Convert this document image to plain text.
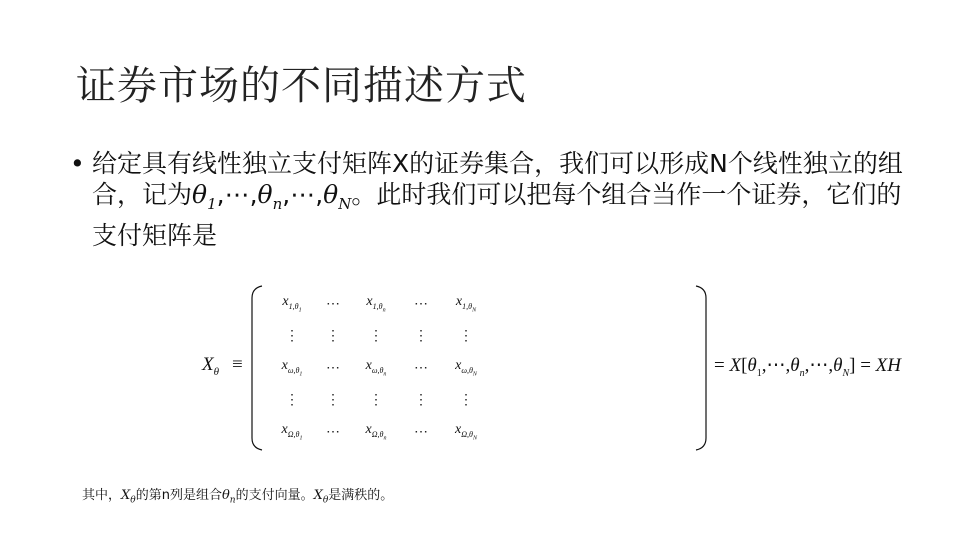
证券市场的不同描述方式
• 给定具有线性独立支付矩阵X的证券集合，我们可以形成N个线性独立的组合，记为$\theta_1,\cdots,\theta_n,\cdots,\theta_N$。此时我们可以把每个组合当作一个证券，它们的支付矩阵是
$X_\theta$ ≡
$x_{1,\theta_1}$	⋯	$x_{1,\theta_n}$	⋯	$x_{1,\theta_N}$
⋮	⋮	⋮	⋮	⋮
$x_{\omega,\theta_1}$	⋯	$x_{\omega,\theta_n}$	⋯	$x_{\omega,\theta_N}$
⋮	⋮	⋮	⋮	⋮
$x_{\Omega,\theta_1}$	⋯	$x_{\Omega,\theta_n}$	⋯	$x_{\Omega,\theta_N}$
= $X[\theta_1,\cdots,\theta_n,\cdots,\theta_N]$ = XH
其中，$X_\theta$的第n列是组合$\theta_n$的支付向量。$X_\theta$是满秩的。
